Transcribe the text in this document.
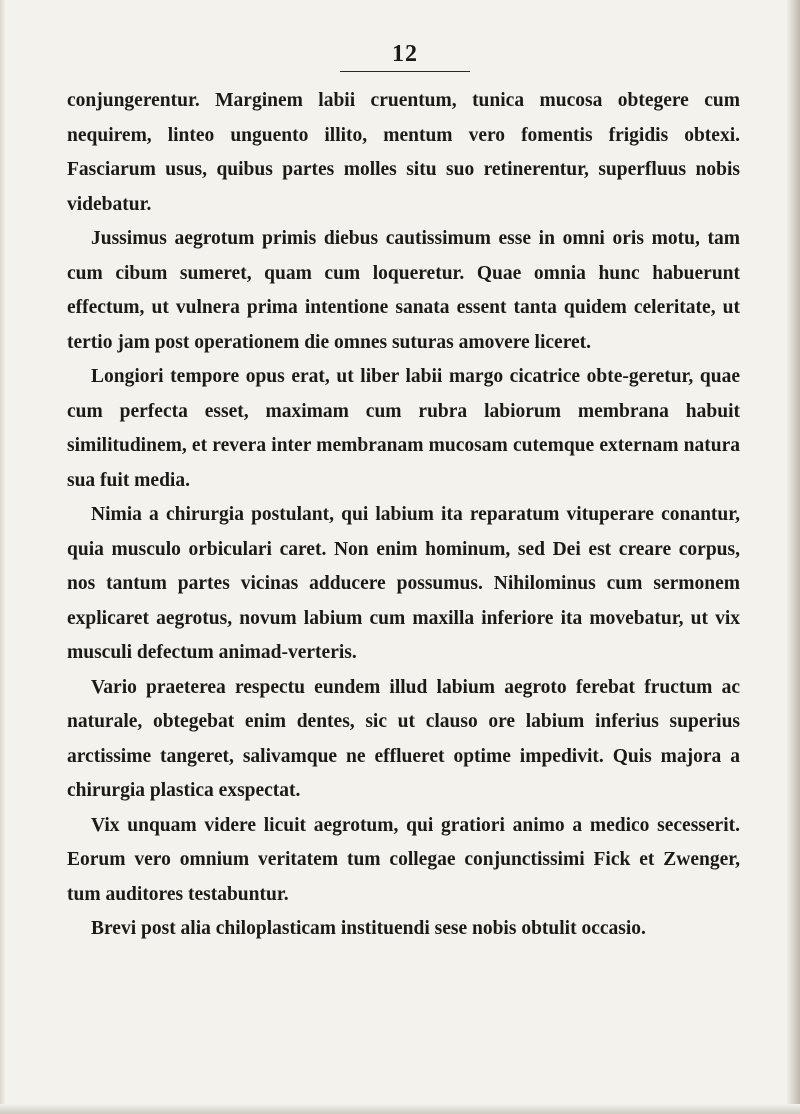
12

conjungerentur. Marginem labii cruentum, tunica mucosa obtegere cum nequirem, linteo unguento illito, mentum vero fomentis frigidis obtexi. Fasciarum usus, quibus partes molles situ suo retinerentur, superfluus nobis videbatur.

Jussimus aegrotum primis diebus cautissimum esse in omni oris motu, tam cum cibum sumeret, quam cum loqueretur. Quae omnia hunc habuerunt effectum, ut vulnera prima intentione sanata essent tanta quidem celeritate, ut tertio jam post operationem die omnes suturas amovere liceret.

Longiori tempore opus erat, ut liber labii margo cicatrice obte-geretur, quae cum perfecta esset, maximam cum rubra labiorum membrana habuit similitudinem, et revera inter membranam mucosam cutemque externam natura sua fuit media.

Nimia a chirurgia postulant, qui labium ita reparatum vituperare conantur, quia musculo orbiculari caret. Non enim hominum, sed Dei est creare corpus, nos tantum partes vicinas adducere possumus. Nihilominus cum sermonem explicaret aegrotus, novum labium cum maxilla inferiore ita movebatur, ut vix musculi defectum animad-verteris.

Vario praeterea respectu eundem illud labium aegroto ferebat fructum ac naturale, obtegebat enim dentes, sic ut clauso ore labium inferius superius arctissime tangeret, salivamque ne efflueret optime impedivit. Quis majora a chirurgia plastica exspectat.

Vix unquam videre licuit aegrotum, qui gratiori animo a medico secesserit. Eorum vero omnium veritatem tum collegae conjunctissimi Fick et Zwenger, tum auditores testabuntur.

Brevi post alia chiloplasticam instituendi sese nobis obtulit occasio.
